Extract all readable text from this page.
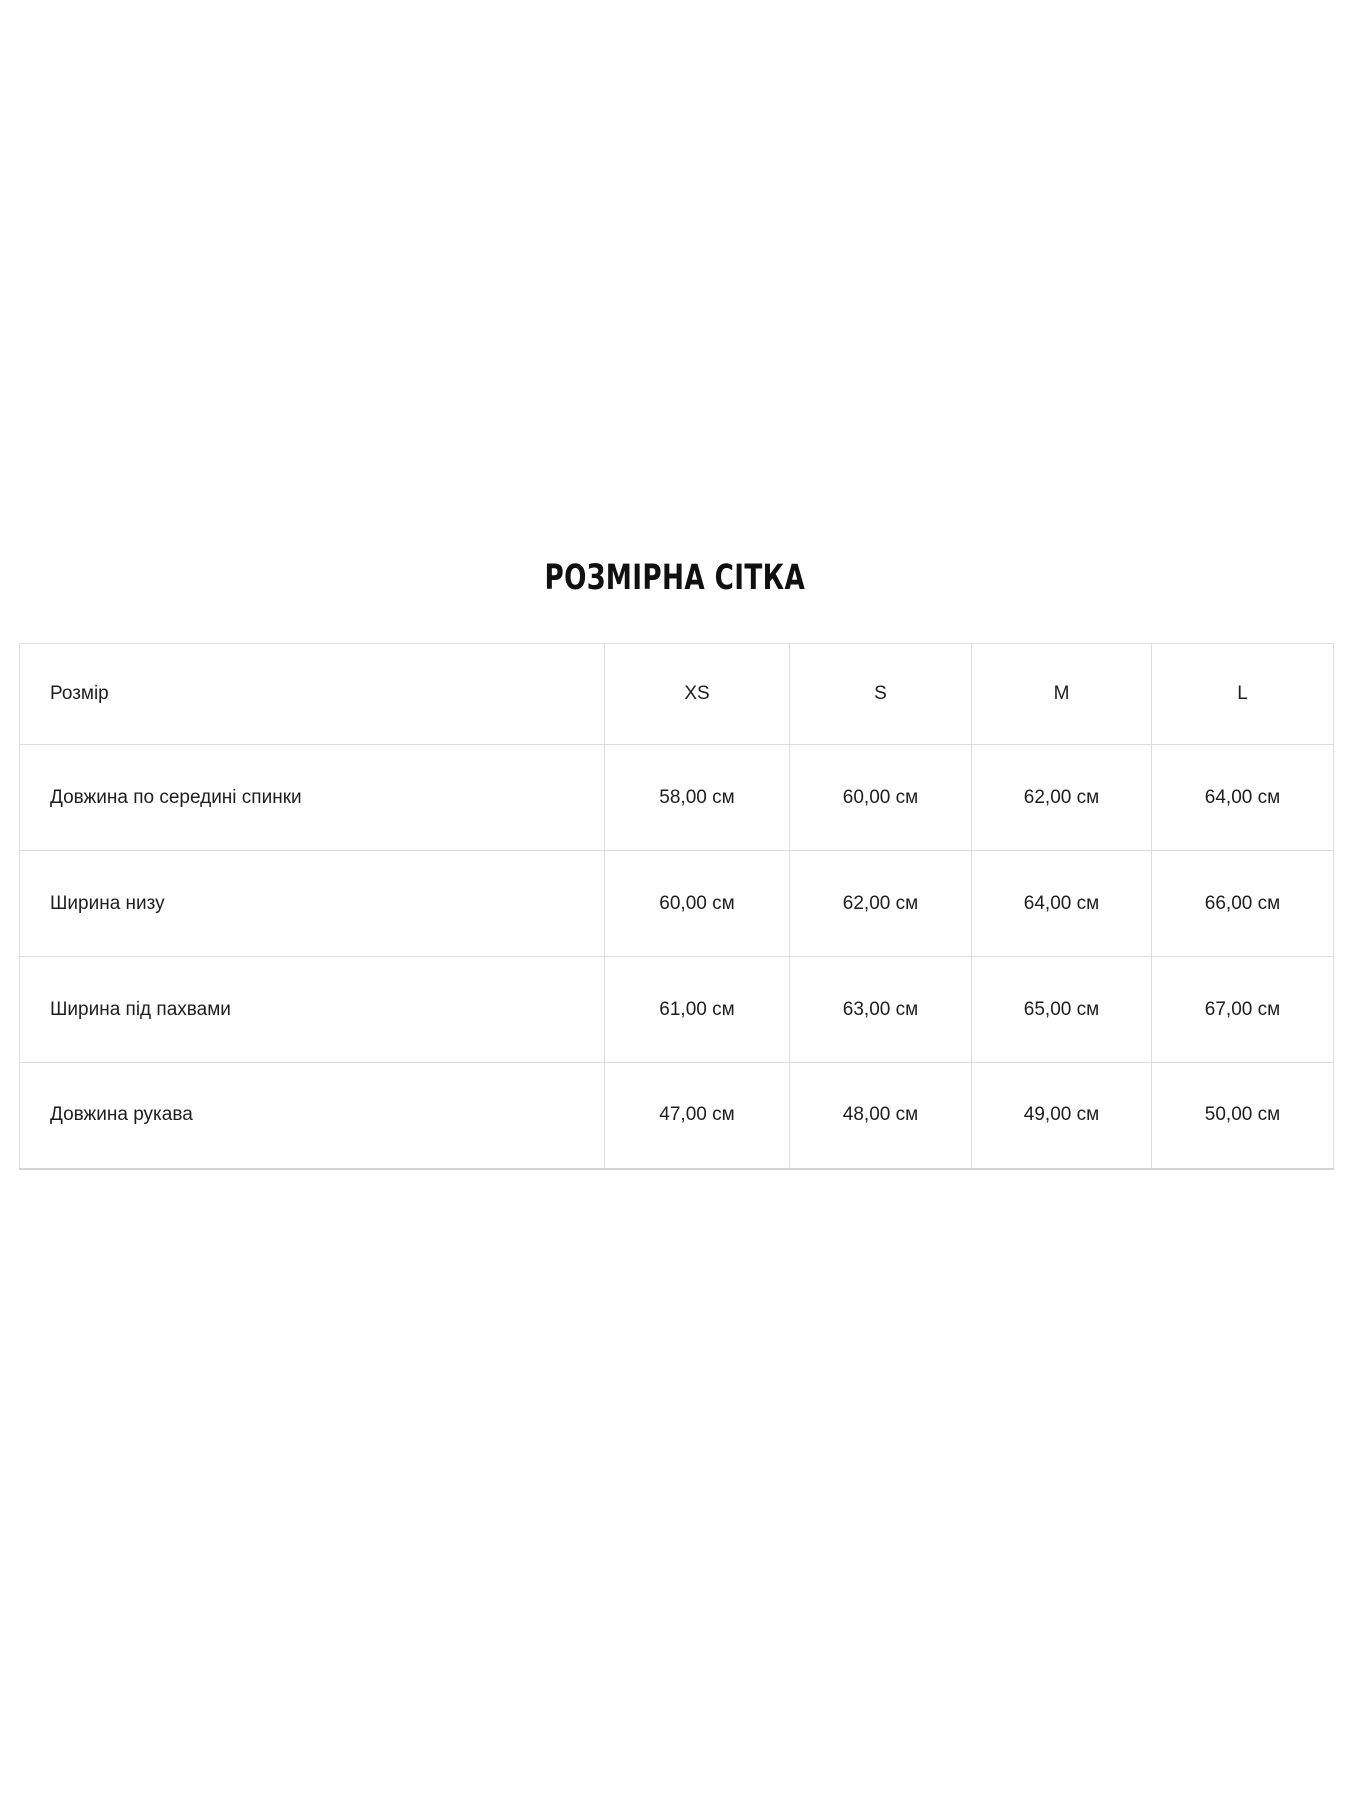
РОЗМІРНА СІТКА
Розмір	XS	S	M	L
Довжина по середині спинки	58,00 см	60,00 см	62,00 см	64,00 см
Ширина низу	60,00 см	62,00 см	64,00 см	66,00 см
Ширина під пахвами	61,00 см	63,00 см	65,00 см	67,00 см
Довжина рукава	47,00 см	48,00 см	49,00 см	50,00 см
